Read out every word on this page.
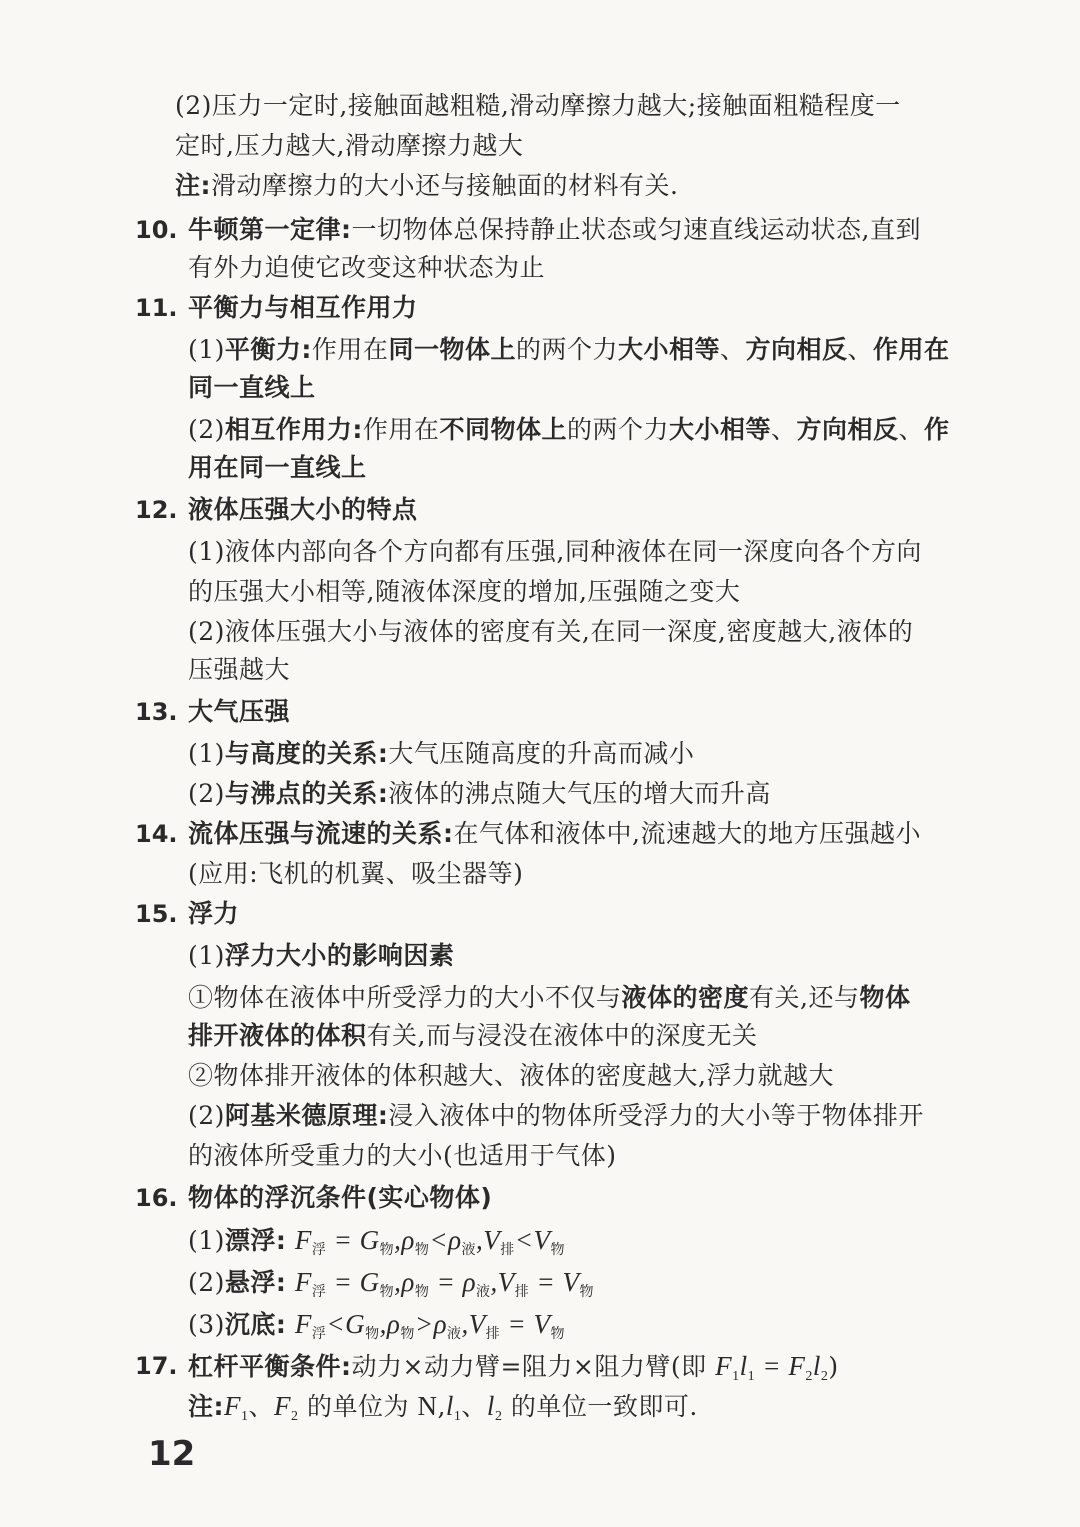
(2)压力一定时,接触面越粗糙,滑动摩擦力越大;接触面粗糙程度一
定时,压力越大,滑动摩擦力越大
注:滑动摩擦力的大小还与接触面的材料有关.
10. 牛顿第一定律:一切物体总保持静止状态或匀速直线运动状态,直到
有外力迫使它改变这种状态为止
11. 平衡力与相互作用力
(1)平衡力:作用在同一物体上的两个力大小相等、方向相反、作用在
同一直线上
(2)相互作用力:作用在不同物体上的两个力大小相等、方向相反、作
用在同一直线上
12. 液体压强大小的特点
(1)液体内部向各个方向都有压强,同种液体在同一深度向各个方向
的压强大小相等,随液体深度的增加,压强随之变大
(2)液体压强大小与液体的密度有关,在同一深度,密度越大,液体的
压强越大
13. 大气压强
(1)与高度的关系:大气压随高度的升高而减小
(2)与沸点的关系:液体的沸点随大气压的增大而升高
14. 流体压强与流速的关系:在气体和液体中,流速越大的地方压强越小
(应用:飞机的机翼、吸尘器等)
15. 浮力
(1)浮力大小的影响因素
①物体在液体中所受浮力的大小不仅与液体的密度有关,还与物体
排开液体的体积有关,而与浸没在液体中的深度无关
②物体排开液体的体积越大、液体的密度越大,浮力就越大
(2)阿基米德原理:浸入液体中的物体所受浮力的大小等于物体排开
的液体所受重力的大小(也适用于气体)
16. 物体的浮沉条件(实心物体)
(1)漂浮: $F_浮 = G_物,\rho_物<\rho_液,V_排<V_物$
(2)悬浮: $F_浮 = G_物,\rho_物 = \rho_液,V_排 = V_物$
(3)沉底: $F_浮<G_物,\rho_物>\rho_液,V_排 = V_物$
17. 杠杆平衡条件:动力×动力臂=阻力×阻力臂(即 $F_1l_1 = F_2l_2$)
注$:F_1$、$F_2$ 的单位为 $N,l_1$、$l_2$ 的单位一致即可.
12
